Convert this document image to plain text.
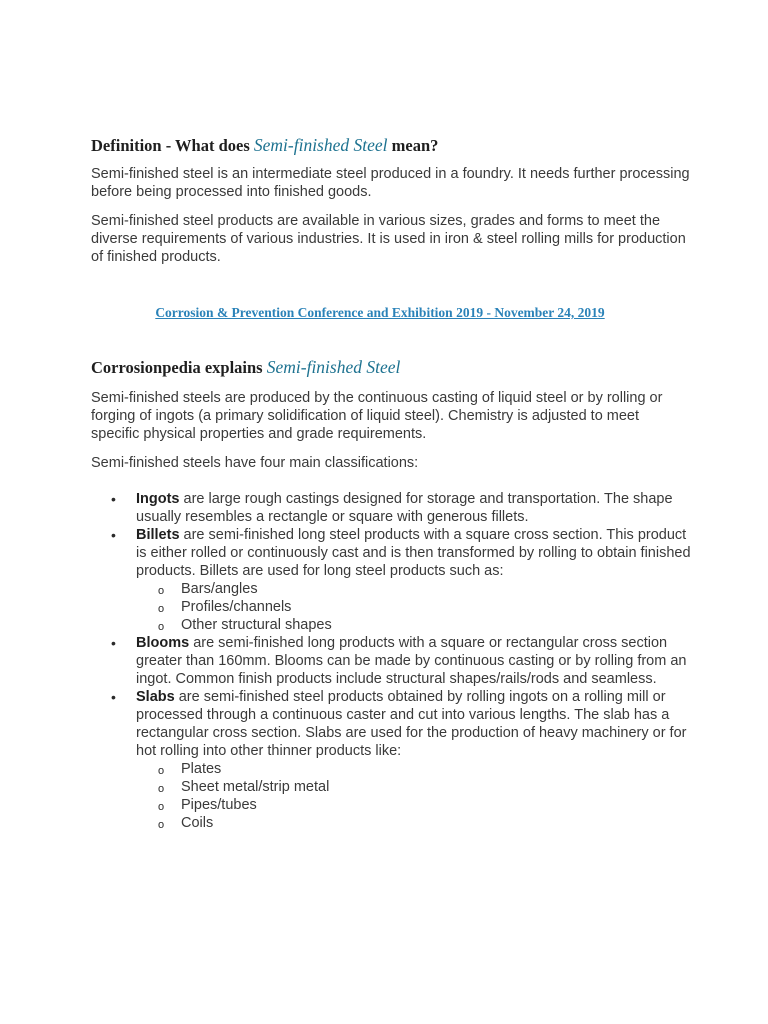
Definition - What does Semi-finished Steel mean?

Semi-finished steel is an intermediate steel produced in a foundry. It needs further processing before being processed into finished goods.

Semi-finished steel products are available in various sizes, grades and forms to meet the diverse requirements of various industries. It is used in iron & steel rolling mills for production of finished products.

Corrosion & Prevention Conference and Exhibition 2019 - November 24, 2019
Corrosionpedia explains Semi-finished Steel

Semi-finished steels are produced by the continuous casting of liquid steel or by rolling or forging of ingots (a primary solidification of liquid steel). Chemistry is adjusted to meet specific physical properties and grade requirements.

Semi-finished steels have four main classifications:

• Ingots are large rough castings designed for storage and transportation. The shape usually resembles a rectangle or square with generous fillets.
• Billets are semi-finished long steel products with a square cross section. This product is either rolled or continuously cast and is then transformed by rolling to obtain finished products. Billets are used for long steel products such as:
o Bars/angles
o Profiles/channels
o Other structural shapes
• Blooms are semi-finished long products with a square or rectangular cross section greater than 160mm. Blooms can be made by continuous casting or by rolling from an ingot. Common finish products include structural shapes/rails/rods and seamless.
• Slabs are semi-finished steel products obtained by rolling ingots on a rolling mill or processed through a continuous caster and cut into various lengths. The slab has a rectangular cross section. Slabs are used for the production of heavy machinery or for hot rolling into other thinner products like:
o Plates
o Sheet metal/strip metal
o Pipes/tubes
o Coils
